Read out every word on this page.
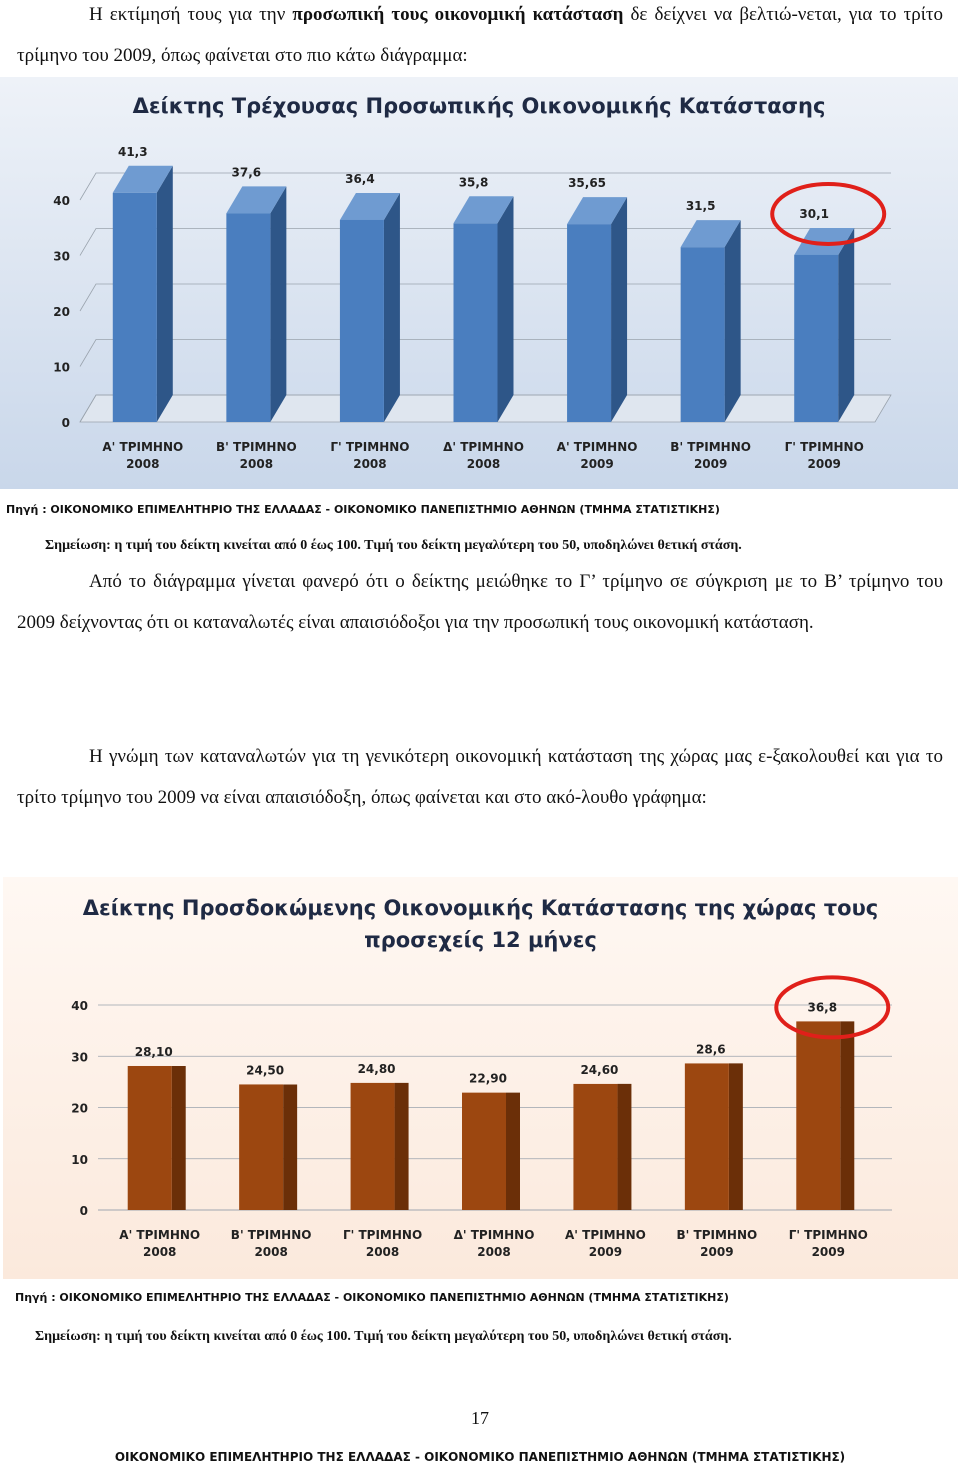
Η εκτίμησή τους για την προσωπική τους οικονομική κατάσταση δε δείχνει να βελτιώ-νεται, για το τρίτο τρίμηνο του 2009, όπως φαίνεται στο πιο κάτω διάγραμμα:

Δείκτης Τρέχουσας Προσωπικής Οικονομικής Κατάστασης
0
10
20
30
40
41,3
Α' ΤΡΙΜΗΝΟ
2008
37,6
Β' ΤΡΙΜΗΝΟ
2008
36,4
Γ' ΤΡΙΜΗΝΟ
2008
35,8
Δ' ΤΡΙΜΗΝΟ
2008
35,65
Α' ΤΡΙΜΗΝΟ
2009
31,5
Β' ΤΡΙΜΗΝΟ
2009
30,1
Γ' ΤΡΙΜΗΝΟ
2009
Πηγή : ΟΙΚΟΝΟΜΙΚΟ ΕΠΙΜΕΛΗΤΗΡΙΟ ΤΗΣ ΕΛΛΑΔΑΣ - ΟΙΚΟΝΟΜΙΚΟ ΠΑΝΕΠΙΣΤΗΜΙΟ ΑΘΗΝΩΝ (ΤΜΗΜΑ ΣΤΑΤΙΣΤΙΚΗΣ)
Σημείωση: η τιμή του δείκτη κινείται από 0 έως 100. Τιμή του δείκτη μεγαλύτερη του 50, υποδηλώνει θετική στάση.

Από το διάγραμμα γίνεται φανερό ότι ο δείκτης μειώθηκε το Γ’ τρίμηνο σε σύγκριση με το Β’ τρίμηνο του 2009 δείχνοντας ότι οι καταναλωτές είναι απαισιόδοξοι για την προσωπική τους οικονομική κατάσταση.

Η γνώμη των καταναλωτών για τη γενικότερη οικονομική κατάσταση της χώρας μας ε-ξακολουθεί και για το τρίτο τρίμηνο του 2009 να είναι απαισιόδοξη, όπως φαίνεται και στο ακό-λουθο γράφημα:

Δείκτης Προσδοκώμενης Οικονομικής Κατάστασης της χώρας τους
προσεχείς 12 μήνες
0
10
20
30
40
28,10
Α' ΤΡΙΜΗΝΟ
2008
24,50
Β' ΤΡΙΜΗΝΟ
2008
24,80
Γ' ΤΡΙΜΗΝΟ
2008
22,90
Δ' ΤΡΙΜΗΝΟ
2008
24,60
Α' ΤΡΙΜΗΝΟ
2009
28,6
Β' ΤΡΙΜΗΝΟ
2009
36,8
Γ' ΤΡΙΜΗΝΟ
2009
Πηγή : ΟΙΚΟΝΟΜΙΚΟ ΕΠΙΜΕΛΗΤΗΡΙΟ ΤΗΣ ΕΛΛΑΔΑΣ - ΟΙΚΟΝΟΜΙΚΟ ΠΑΝΕΠΙΣΤΗΜΙΟ ΑΘΗΝΩΝ (ΤΜΗΜΑ ΣΤΑΤΙΣΤΙΚΗΣ)
Σημείωση: η τιμή του δείκτη κινείται από 0 έως 100. Τιμή του δείκτη μεγαλύτερη του 50, υποδηλώνει θετική στάση.
17
ΟΙΚΟΝΟΜΙΚΟ ΕΠΙΜΕΛΗΤΗΡΙΟ ΤΗΣ ΕΛΛΑΔΑΣ - ΟΙΚΟΝΟΜΙΚΟ ΠΑΝΕΠΙΣΤΗΜΙΟ ΑΘΗΝΩΝ (ΤΜΗΜΑ ΣΤΑΤΙΣΤΙΚΗΣ)
